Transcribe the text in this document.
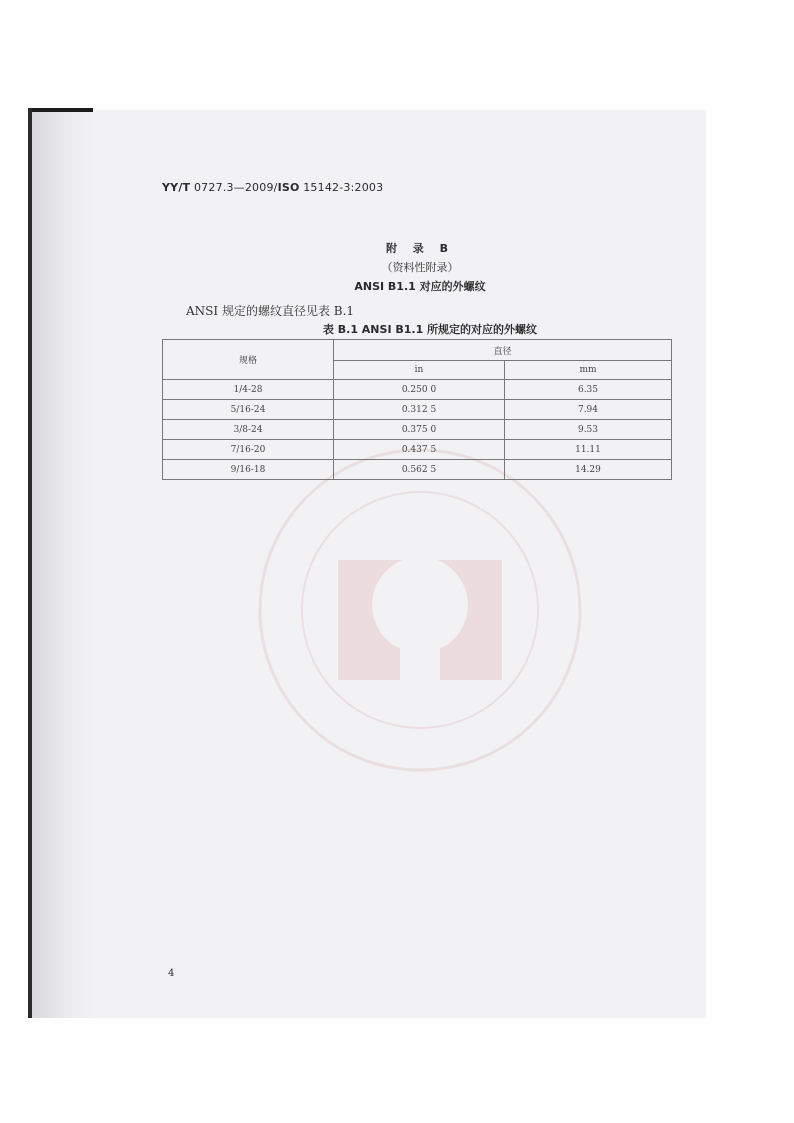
YY/T 0727.3—2009/ISO 15142-3:2003
附 录 B
（资料性附录）
ANSI B1.1 对应的外螺纹
ANSI 规定的螺纹直径见表 B.1
表 B.1 ANSI B1.1 所规定的对应的外螺纹
规格	直径	
	in	mm
1/4-28	0.250 0	6.35
5/16-24	0.312 5	7.94
3/8-24	0.375 0	9.53
7/16-20	0.437 5	11.11
9/16-18	0.562 5	14.29
4
